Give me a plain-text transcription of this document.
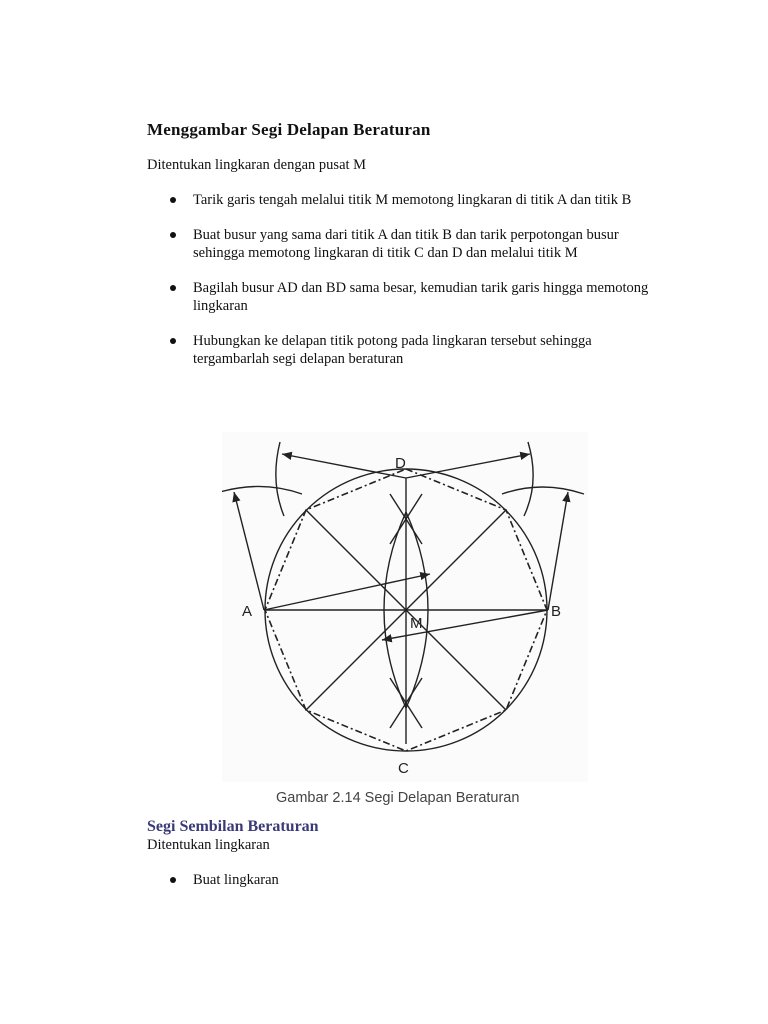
Menggambar Segi Delapan Beraturan
Ditentukan lingkaran dengan pusat M
Tarik garis tengah melalui titik M memotong lingkaran di titik A dan titik B
Buat busur yang sama dari titik A dan titik B dan tarik perpotongan busur sehingga memotong lingkaran di titik C dan D dan melalui titik M
Bagilah busur AD dan BD sama besar, kemudian tarik garis hingga memotong lingkaran
Hubungkan ke delapan titik potong pada lingkaran tersebut sehingga tergambarlah segi delapan beraturan
D
A	B
M
C
Gambar 2.14 Segi Delapan Beraturan
Segi Sembilan Beraturan
Ditentukan lingkaran
Buat lingkaran
